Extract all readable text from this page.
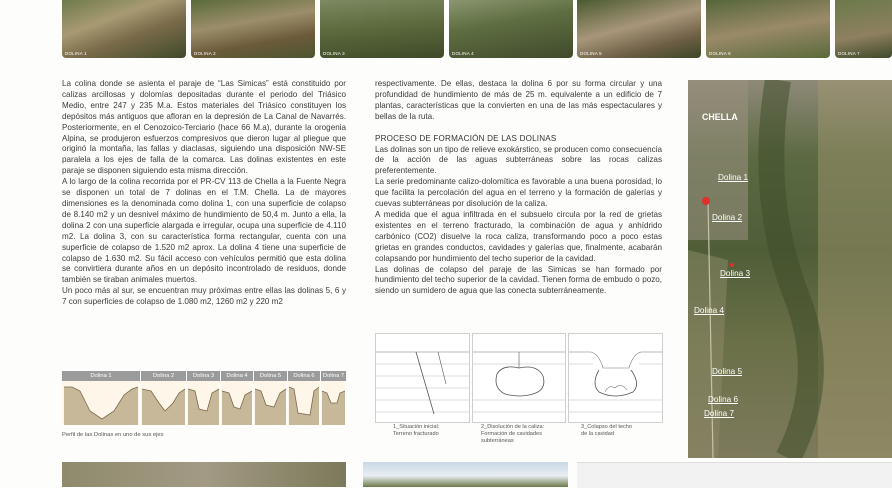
DOLINA 1	DOLINA 2	DOLINA 3	DOLINA 4	DOLINA 5	DOLINA 6	DOLINA 7

La colina donde se asienta el paraje de “Las Simicas” está constituido por calizas arcillosas y dolomías depositadas durante el periodo del Triásico Medio, entre 247 y 235 M.a. Estos materiales del Triásico constituyen los depósitos más antiguos que afloran en la depresión de La Canal de Navarrés. Posteriormente, en el Cenozoico-Terciario (hace 66 M.a), durante la orogenia Alpina, se produjeron esfuerzos compresivos que dieron lugar al pliegue que originó la montaña, las fallas y diaclasas, siguiendo una disposición NW-SE paralela a los ejes de falla de la comarca. Las dolinas existentes en este paraje se disponen siguiendo esta misma dirección.

A lo largo de la colina recorrida por el PR-CV 113 de Chella a la Fuente Negra se disponen un total de 7 dolinas en el T.M. Chella. La de mayores dimensiones es la denominada como dolina 1, con una superficie de colapso de 8.140 m2 y un desnivel máximo de hundimiento de 50,4 m. Junto a ella, la dolina 2 con una superficie alargada e irregular, ocupa una superficie de 4.110 m2. La dolina 3, con su característica forma rectangular, cuenta con una superficie de colapso de 1.520 m2 aprox. La dolina 4 tiene una superficie de colapso de 1.630 m2. Su fácil acceso con vehículos permitió que esta dolina se convirtiera durante años en un depósito incontrolado de residuos, donde también se tiraban animales muertos.

Un poco más al sur, se encuentran muy próximas entre ellas las dolinas 5, 6 y 7 con superficies de colapso de 1.080 m2, 1260 m2 y 220 m2

Dolina 1	Dolina 2	Dolina 3	Dolina 4	Dolina 5	Dolina 6	Dolina 7
Perfil de las Dolinas en uno de sus ejes

respectivamente. De ellas, destaca la dolina 6 por su forma circular y una profundidad de hundimiento de más de 25 m. equivalente a un edificio de 7 plantas, características que la convierten en una de las más espectaculares y bellas de la ruta.

PROCESO DE FORMACIÓN DE LAS DOLINAS

Las dolinas son un tipo de relieve exokárstico, se producen como consecuencia de la acción de las aguas subterráneas sobre las rocas calizas preferentemente.

La serie predominante calizo-dolomítica es favorable a una buena porosidad, lo que facilita la percolación del agua en el terreno y la formación de galerías y cuevas subterráneas por disolución de la caliza.

A medida que el agua infiltrada en el subsuelo circula por la red de grietas existentes en el terreno fracturado, la combinación de agua y anhídrido carbónico (CO2) disuelve la roca caliza, transformando poco a poco estas grietas en grandes conductos, cavidades y galerías que, finalmente, acabarán colapsando por hundimiento del techo superior de la cavidad.

Las dolinas de colapso del paraje de las Simicas se han formado por hundimiento del techo superior de la cavidad. Tienen forma de embudo o pozo, siendo un sumidero de agua que las conecta subterráneamente.

1_Situación inicial:
Terreno fracturado
2_Disolución de la caliza:
Formación de cavidades
subterráneas
3_Colapso del techo
de la cavidad
CHELLA
Dolina 1
Dolina 2
Dolina 3
Dolina 4
Dolina 5
Dolina 6
Dolina 7
